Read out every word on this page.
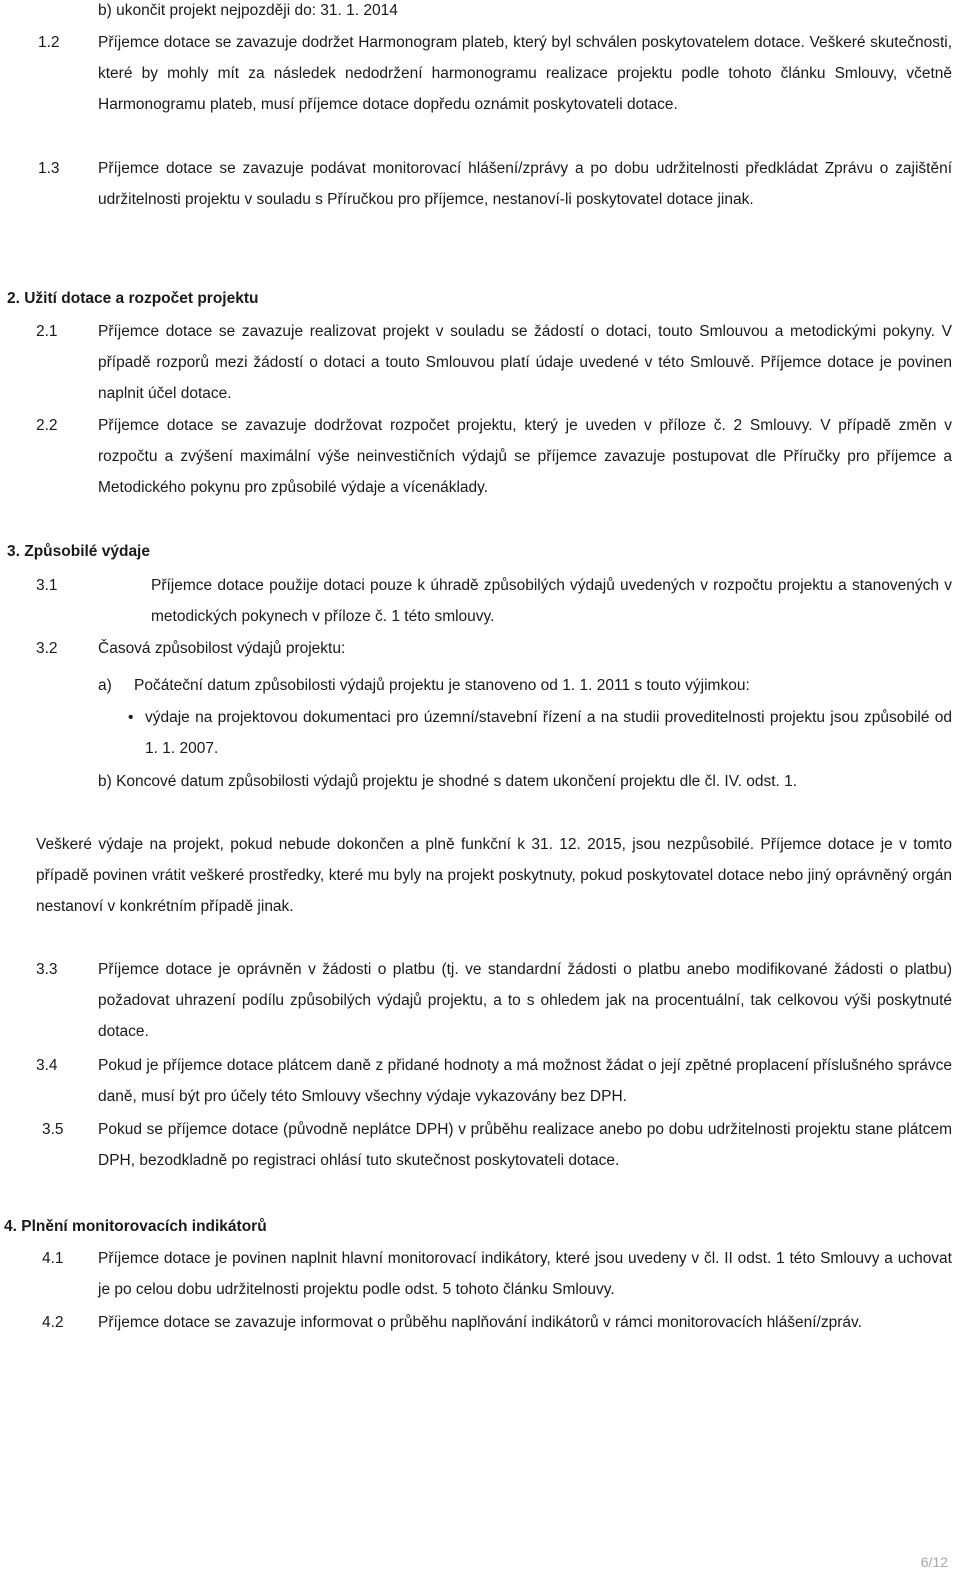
b) ukončit projekt nejpozději do: 31. 1. 2014
1.2 Příjemce dotace se zavazuje dodržet Harmonogram plateb, který byl schválen poskytovatelem dotace. Veškeré skutečnosti, které by mohly mít za následek nedodržení harmonogramu realizace projektu podle tohoto článku Smlouvy, včetně Harmonogramu plateb, musí příjemce dotace dopředu oznámit poskytovateli dotace.
1.3 Příjemce dotace se zavazuje podávat monitorovací hlášení/zprávy a po dobu udržitelnosti předkládat Zprávu o zajištění udržitelnosti projektu v souladu s Příručkou pro příjemce, nestanoví-li poskytovatel dotace jinak.
2. Užití dotace a rozpočet projektu
2.1	Příjemce dotace se zavazuje realizovat projekt v souladu se žádostí o dotaci, touto Smlouvou a metodickými pokyny. V případě rozporů mezi žádostí o dotaci a touto Smlouvou platí údaje uvedené v této Smlouvě. Příjemce dotace je povinen naplnit účel dotace.
2.2	Příjemce dotace se zavazuje dodržovat rozpočet projektu, který je uveden v příloze č. 2 Smlouvy. V případě změn v rozpočtu a zvýšení maximální výše neinvestičních výdajů se příjemce zavazuje postupovat dle Příručky pro příjemce a Metodického pokynu pro způsobilé výdaje a vícenáklady.
3. Způsobilé výdaje
3.1	Příjemce dotace použije dotaci pouze k úhradě způsobilých výdajů uvedených v rozpočtu projektu a stanovených v metodických pokynech v příloze č. 1 této smlouvy.
3.2	Časová způsobilost výdajů projektu:
a) Počáteční datum způsobilosti výdajů projektu je stanoveno od 1. 1. 2011 s touto výjimkou:
• výdaje na projektovou dokumentaci pro územní/stavební řízení a na studii proveditelnosti projektu jsou způsobilé od 1. 1. 2007.
b) Koncové datum způsobilosti výdajů projektu je shodné s datem ukončení projektu dle čl. IV. odst. 1.
Veškeré výdaje na projekt, pokud nebude dokončen a plně funkční k 31. 12. 2015, jsou nezpůsobilé. Příjemce dotace je v tomto případě povinen vrátit veškeré prostředky, které mu byly na projekt poskytnuty, pokud poskytovatel dotace nebo jiný oprávněný orgán nestanoví v konkrétním případě jinak.
3.3	Příjemce dotace je oprávněn v žádosti o platbu (tj. ve standardní žádosti o platbu anebo modifikované žádosti o platbu) požadovat uhrazení podílu způsobilých výdajů projektu, a to s ohledem jak na procentuální, tak celkovou výši poskytnuté dotace.
3.4	Pokud je příjemce dotace plátcem daně z přidané hodnoty a má možnost žádat o její zpětné proplacení příslušného správce daně, musí být pro účely této Smlouvy všechny výdaje vykazovány bez DPH.
3.5 Pokud se příjemce dotace (původně neplátce DPH) v průběhu realizace anebo po dobu udržitelnosti projektu stane plátcem DPH, bezodkladně po registraci ohlásí tuto skutečnost poskytovateli dotace.
4. Plnění monitorovacích indikátorů
4.1 Příjemce dotace je povinen naplnit hlavní monitorovací indikátory, které jsou uvedeny v čl. II odst. 1 této Smlouvy a uchovat je po celou dobu udržitelnosti projektu podle odst. 5 tohoto článku Smlouvy.
4.2 Příjemce dotace se zavazuje informovat o průběhu naplňování indikátorů v rámci monitorovacích hlášení/zpráv.
6/12
